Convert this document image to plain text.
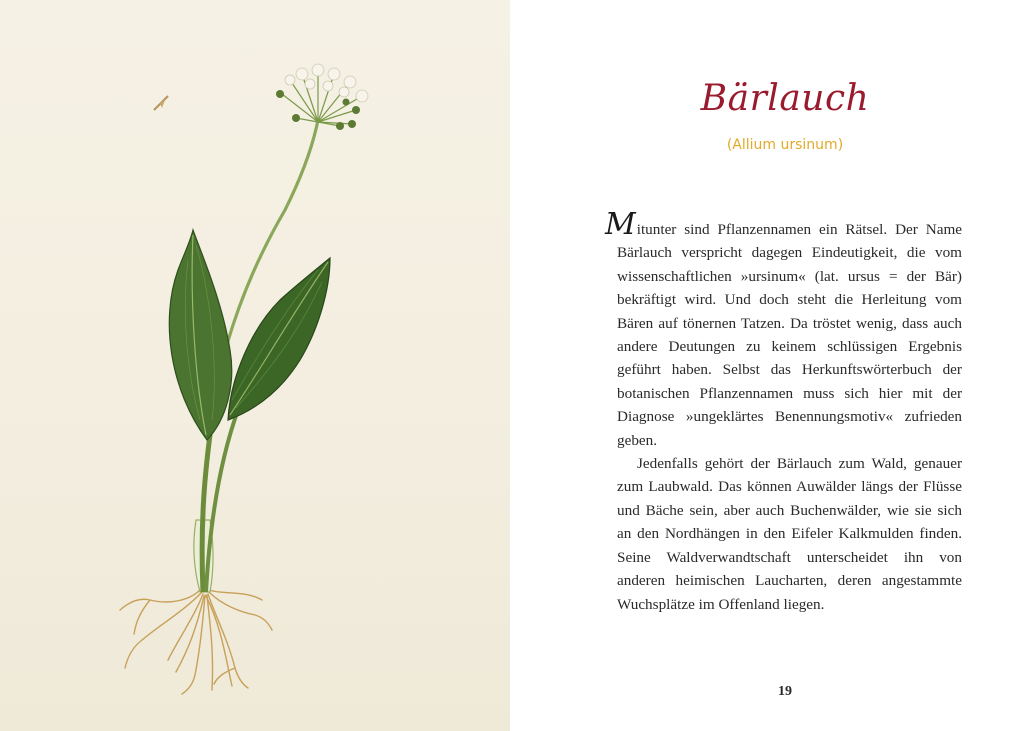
Bärlauch

(Allium ursinum)

Mitunter sind Pflanzennamen ein Rätsel. Der Name Bärlauch verspricht dagegen Eindeutigkeit, die vom wissenschaftlichen »ursinum« (lat. ursus = der Bär) bekräftigt wird. Und doch steht die Herleitung vom Bären auf tönernen Tatzen. Da tröstet wenig, dass auch andere Deutungen zu keinem schlüssigen Ergebnis geführt haben. Selbst das Herkunftswörterbuch der botanischen Pflanzennamen muss sich hier mit der Diagnose »ungeklärtes Benennungsmotiv« zufrieden geben.

Jedenfalls gehört der Bärlauch zum Wald, genauer zum Laubwald. Das können Auwälder längs der Flüsse und Bäche sein, aber auch Buchenwälder, wie sie sich an den Nordhängen in den Eifeler Kalkmulden finden. Seine Waldverwandtschaft unterscheidet ihn von anderen heimischen Laucharten, deren angestammte Wuchsplätze im Offenland liegen.

19
